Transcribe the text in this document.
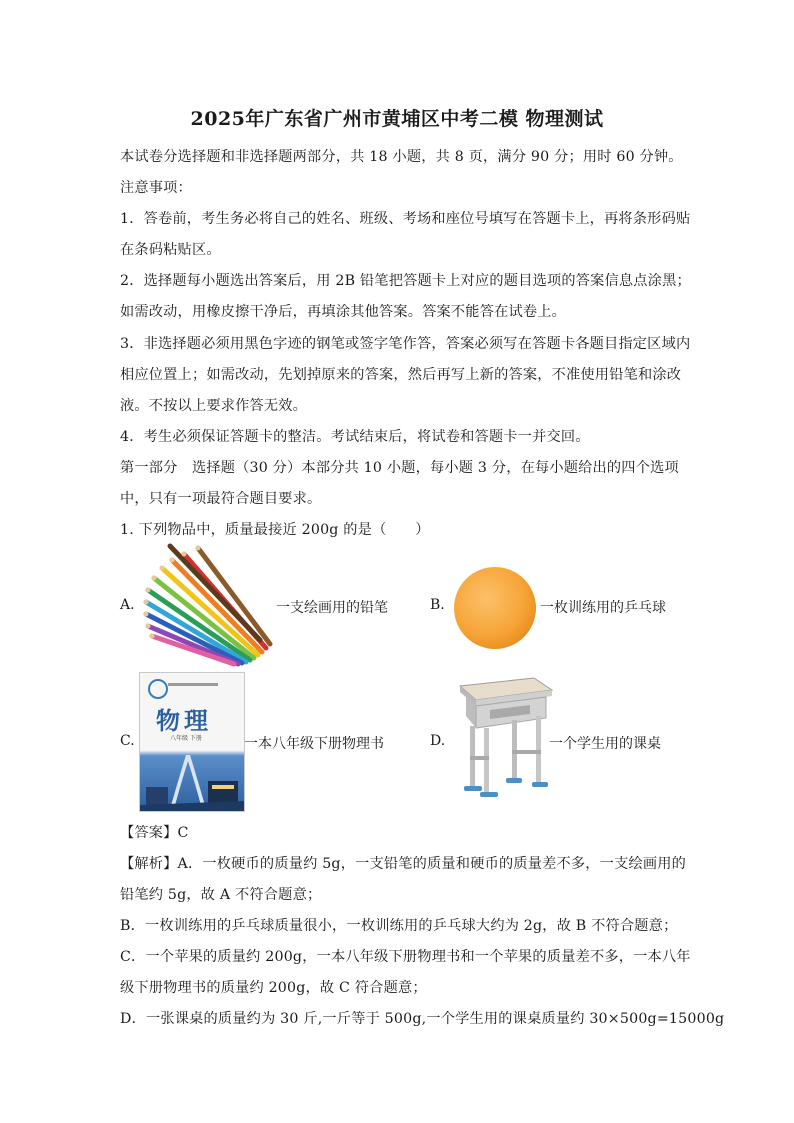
2025年广东省广州市黄埔区中考二模 物理测试
本试卷分选择题和非选择题两部分，共 18 小题，共 8 页，满分 90 分；用时 60 分钟。
注意事项：
1．答卷前，考生务必将自己的姓名、班级、考场和座位号填写在答题卡上，再将条形码贴
在条码粘贴区。
2．选择题每小题选出答案后，用 2B 铅笔把答题卡上对应的题目选项的答案信息点涂黑；
如需改动，用橡皮擦干净后，再填涂其他答案。答案不能答在试卷上。
3．非选择题必须用黑色字迹的钢笔或签字笔作答，答案必须写在答题卡各题目指定区域内
相应位置上；如需改动，先划掉原来的答案，然后再写上新的答案，不准使用铅笔和涂改
液。不按以上要求作答无效。
4．考生必须保证答题卡的整洁。考试结束后，将试卷和答题卡一并交回。
第一部分　选择题（30 分）本部分共 10 小题，每小题 3 分，在每小题给出的四个选项
中，只有一项最符合题目要求。
1. 下列物品中，质量最接近 200g 的是（　　）
A.	一支绘画用的铅笔	B.	一枚训练用的乒乓球
C.
物理
八年级 下册	一本八年级下册物理书	D.	一个学生用的课桌
【答案】C
【解析】A．一枚硬币的质量约 5g，一支铅笔的质量和硬币的质量差不多，一支绘画用的
铅笔约 5g，故 A 不符合题意；
B．一枚训练用的乒乓球质量很小，一枚训练用的乒乓球大约为 2g，故 B 不符合题意；
C．一个苹果的质量约 200g，一本八年级下册物理书和一个苹果的质量差不多，一本八年
级下册物理书的质量约 200g，故 C 符合题意；
D．一张课桌的质量约为 30 斤,一斤等于 500g,一个学生用的课桌质量约 30×500g=15000g
